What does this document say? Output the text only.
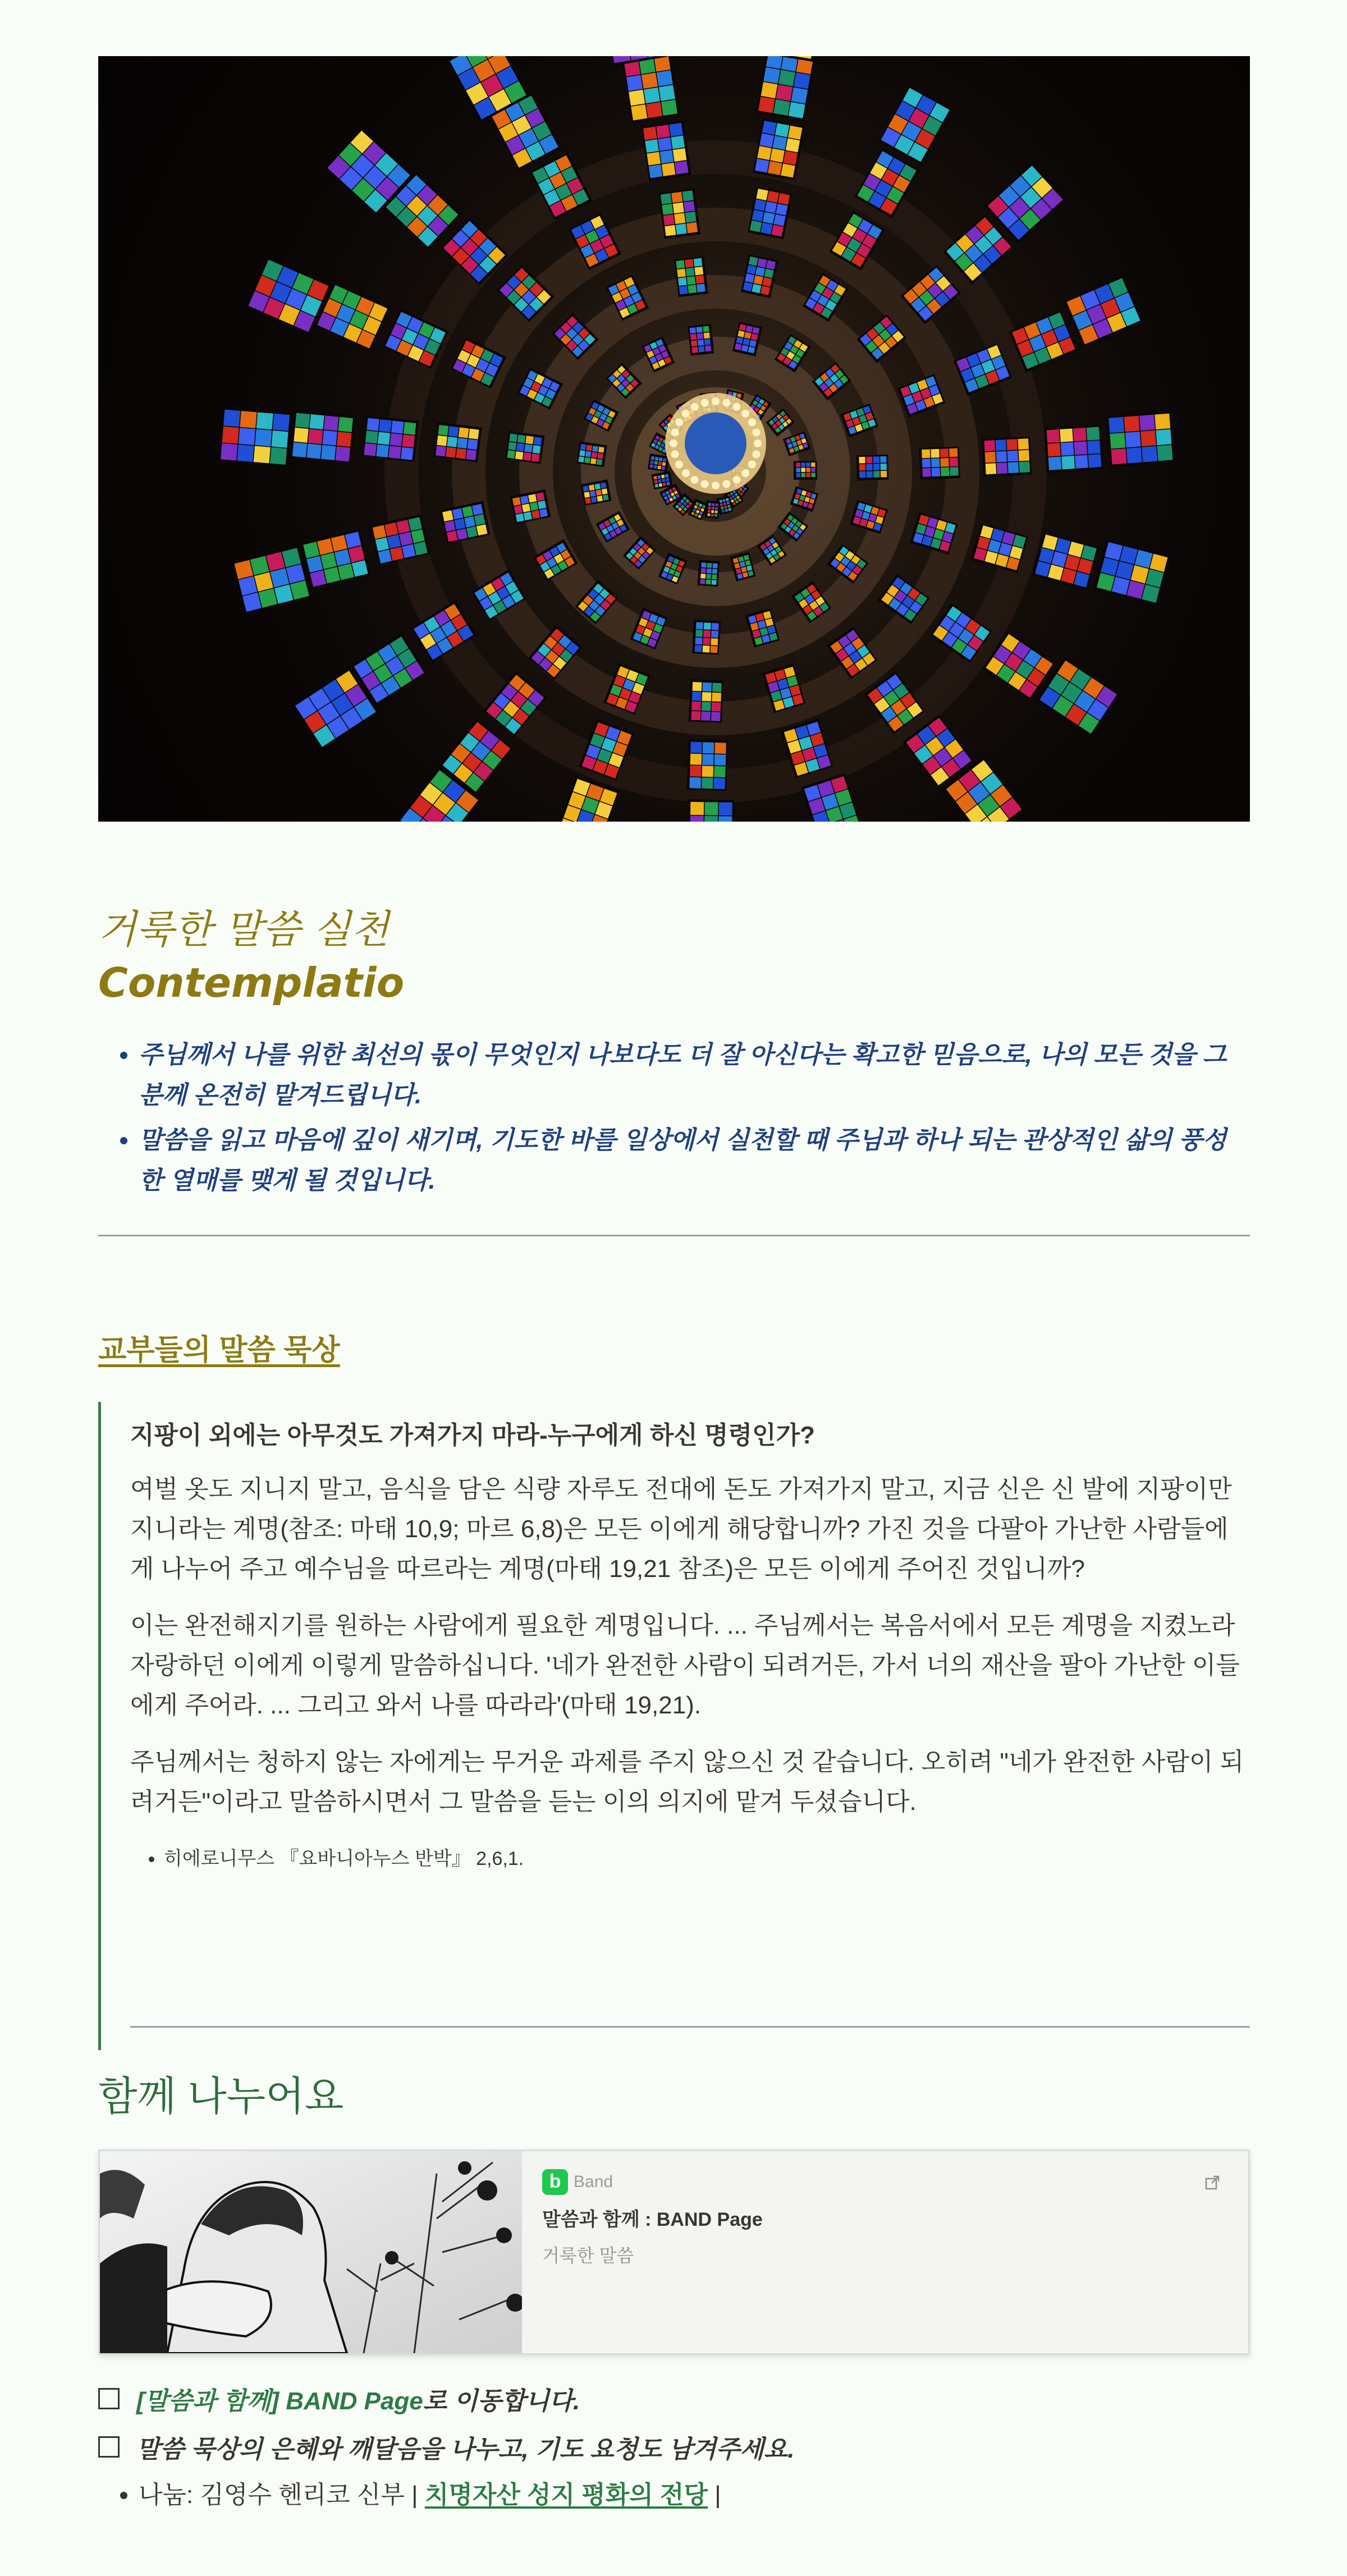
거룩한 말씀 실천
Contemplatio
• 주님께서 나를 위한 최선의 몫이 무엇인지 나보다도 더 잘 아신다는 확고한 믿음으로, 나의 모든 것을 그분께 온전히 맡겨드립니다.
• 말씀을 읽고 마음에 깊이 새기며, 기도한 바를 일상에서 실천할 때 주님과 하나 되는 관상적인 삶의 풍성한 열매를 맺게 될 것입니다.
교부들의 말씀 묵상
지팡이 외에는 아무것도 가져가지 마라-누구에게 하신 명령인가?
여벌 옷도 지니지 말고, 음식을 담은 식량 자루도 전대에 돈도 가져가지 말고, 지금 신은 신 발에 지팡이만 지니라는 계명(참조: 마태 10,9; 마르 6,8)은 모든 이에게 해당합니까? 가진 것을 다팔아 가난한 사람들에게 나누어 주고 예수님을 따르라는 계명(마태 19,21 참조)은 모든 이에게 주어진 것입니까?
이는 완전해지기를 원하는 사람에게 필요한 계명입니다. ... 주님께서는 복음서에서 모든 계명을 지켰노라 자랑하던 이에게 이렇게 말씀하십니다. '네가 완전한 사람이 되려거든, 가서 너의 재산을 팔아 가난한 이들에게 주어라. ... 그리고 와서 나를 따라라'(마태 19,21).
주님께서는 청하지 않는 자에게는 무거운 과제를 주지 않으신 것 같습니다. 오히려 "네가 완전한 사람이 되려거든"이라고 말씀하시면서 그 말씀을 듣는 이의 의지에 맡겨 두셨습니다.
• 히에로니무스 『요바니아누스 반박』 2,6,1.
함께 나누어요
b Band
말씀과 함께 : BAND Page
거룩한 말씀
[말씀과 함께] BAND Page로 이동합니다.
말씀 묵상의 은혜와 깨달음을 나누고, 기도 요청도 남겨주세요.
• 나눔: 김영수 헨리코 신부 | 치명자산 성지 평화의 전당 |
